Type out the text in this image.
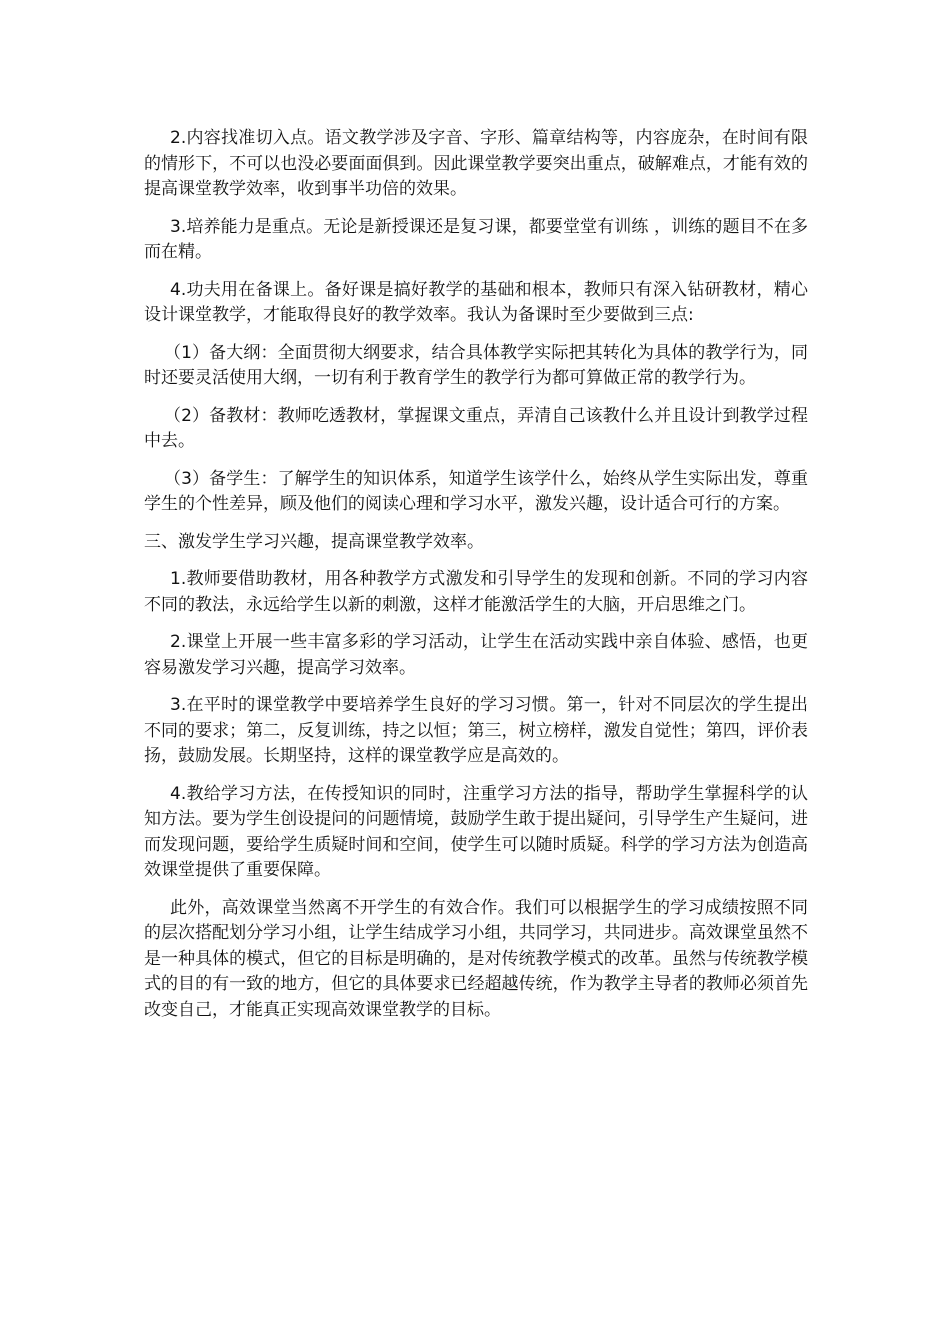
2.内容找准切入点。语文教学涉及字音、字形、篇章结构等，内容庞杂，在时间有限的情形下，不可以也没必要面面俱到。因此课堂教学要突出重点，破解难点，才能有效的提高课堂教学效率，收到事半功倍的效果。

3.培养能力是重点。无论是新授课还是复习课，都要堂堂有训练 ，训练的题目不在多而在精。

4.功夫用在备课上。备好课是搞好教学的基础和根本，教师只有深入钻研教材，精心设计课堂教学，才能取得良好的教学效率。我认为备课时至少要做到三点:

（1）备大纲：全面贯彻大纲要求，结合具体教学实际把其转化为具体的教学行为，同时还要灵活使用大纲，一切有利于教育学生的教学行为都可算做正常的教学行为。

（2）备教材：教师吃透教材，掌握课文重点，弄清自己该教什么并且设计到教学过程中去。

（3）备学生：了解学生的知识体系，知道学生该学什么，始终从学生实际出发，尊重学生的个性差异，顾及他们的阅读心理和学习水平，激发兴趣，设计适合可行的方案。

三、激发学生学习兴趣，提高课堂教学效率。

1.教师要借助教材，用各种教学方式激发和引导学生的发现和创新。不同的学习内容不同的教法，永远给学生以新的刺激，这样才能激活学生的大脑，开启思维之门。

2.课堂上开展一些丰富多彩的学习活动，让学生在活动实践中亲自体验、感悟，也更容易激发学习兴趣，提高学习效率。

3.在平时的课堂教学中要培养学生良好的学习习惯。第一，针对不同层次的学生提出不同的要求；第二，反复训练，持之以恒；第三，树立榜样，激发自觉性；第四，评价表扬，鼓励发展。长期坚持，这样的课堂教学应是高效的。

4.教给学习方法，在传授知识的同时，注重学习方法的指导，帮助学生掌握科学的认知方法。要为学生创设提问的问题情境，鼓励学生敢于提出疑问，引导学生产生疑问，进而发现问题，要给学生质疑时间和空间，使学生可以随时质疑。科学的学习方法为创造高效课堂提供了重要保障。

此外，高效课堂当然离不开学生的有效合作。我们可以根据学生的学习成绩按照不同的层次搭配划分学习小组，让学生结成学习小组，共同学习，共同进步。高效课堂虽然不是一种具体的模式，但它的目标是明确的，是对传统教学模式的改革。虽然与传统教学模式的目的有一致的地方，但它的具体要求已经超越传统，作为教学主导者的教师必须首先改变自己，才能真正实现高效课堂教学的目标。
